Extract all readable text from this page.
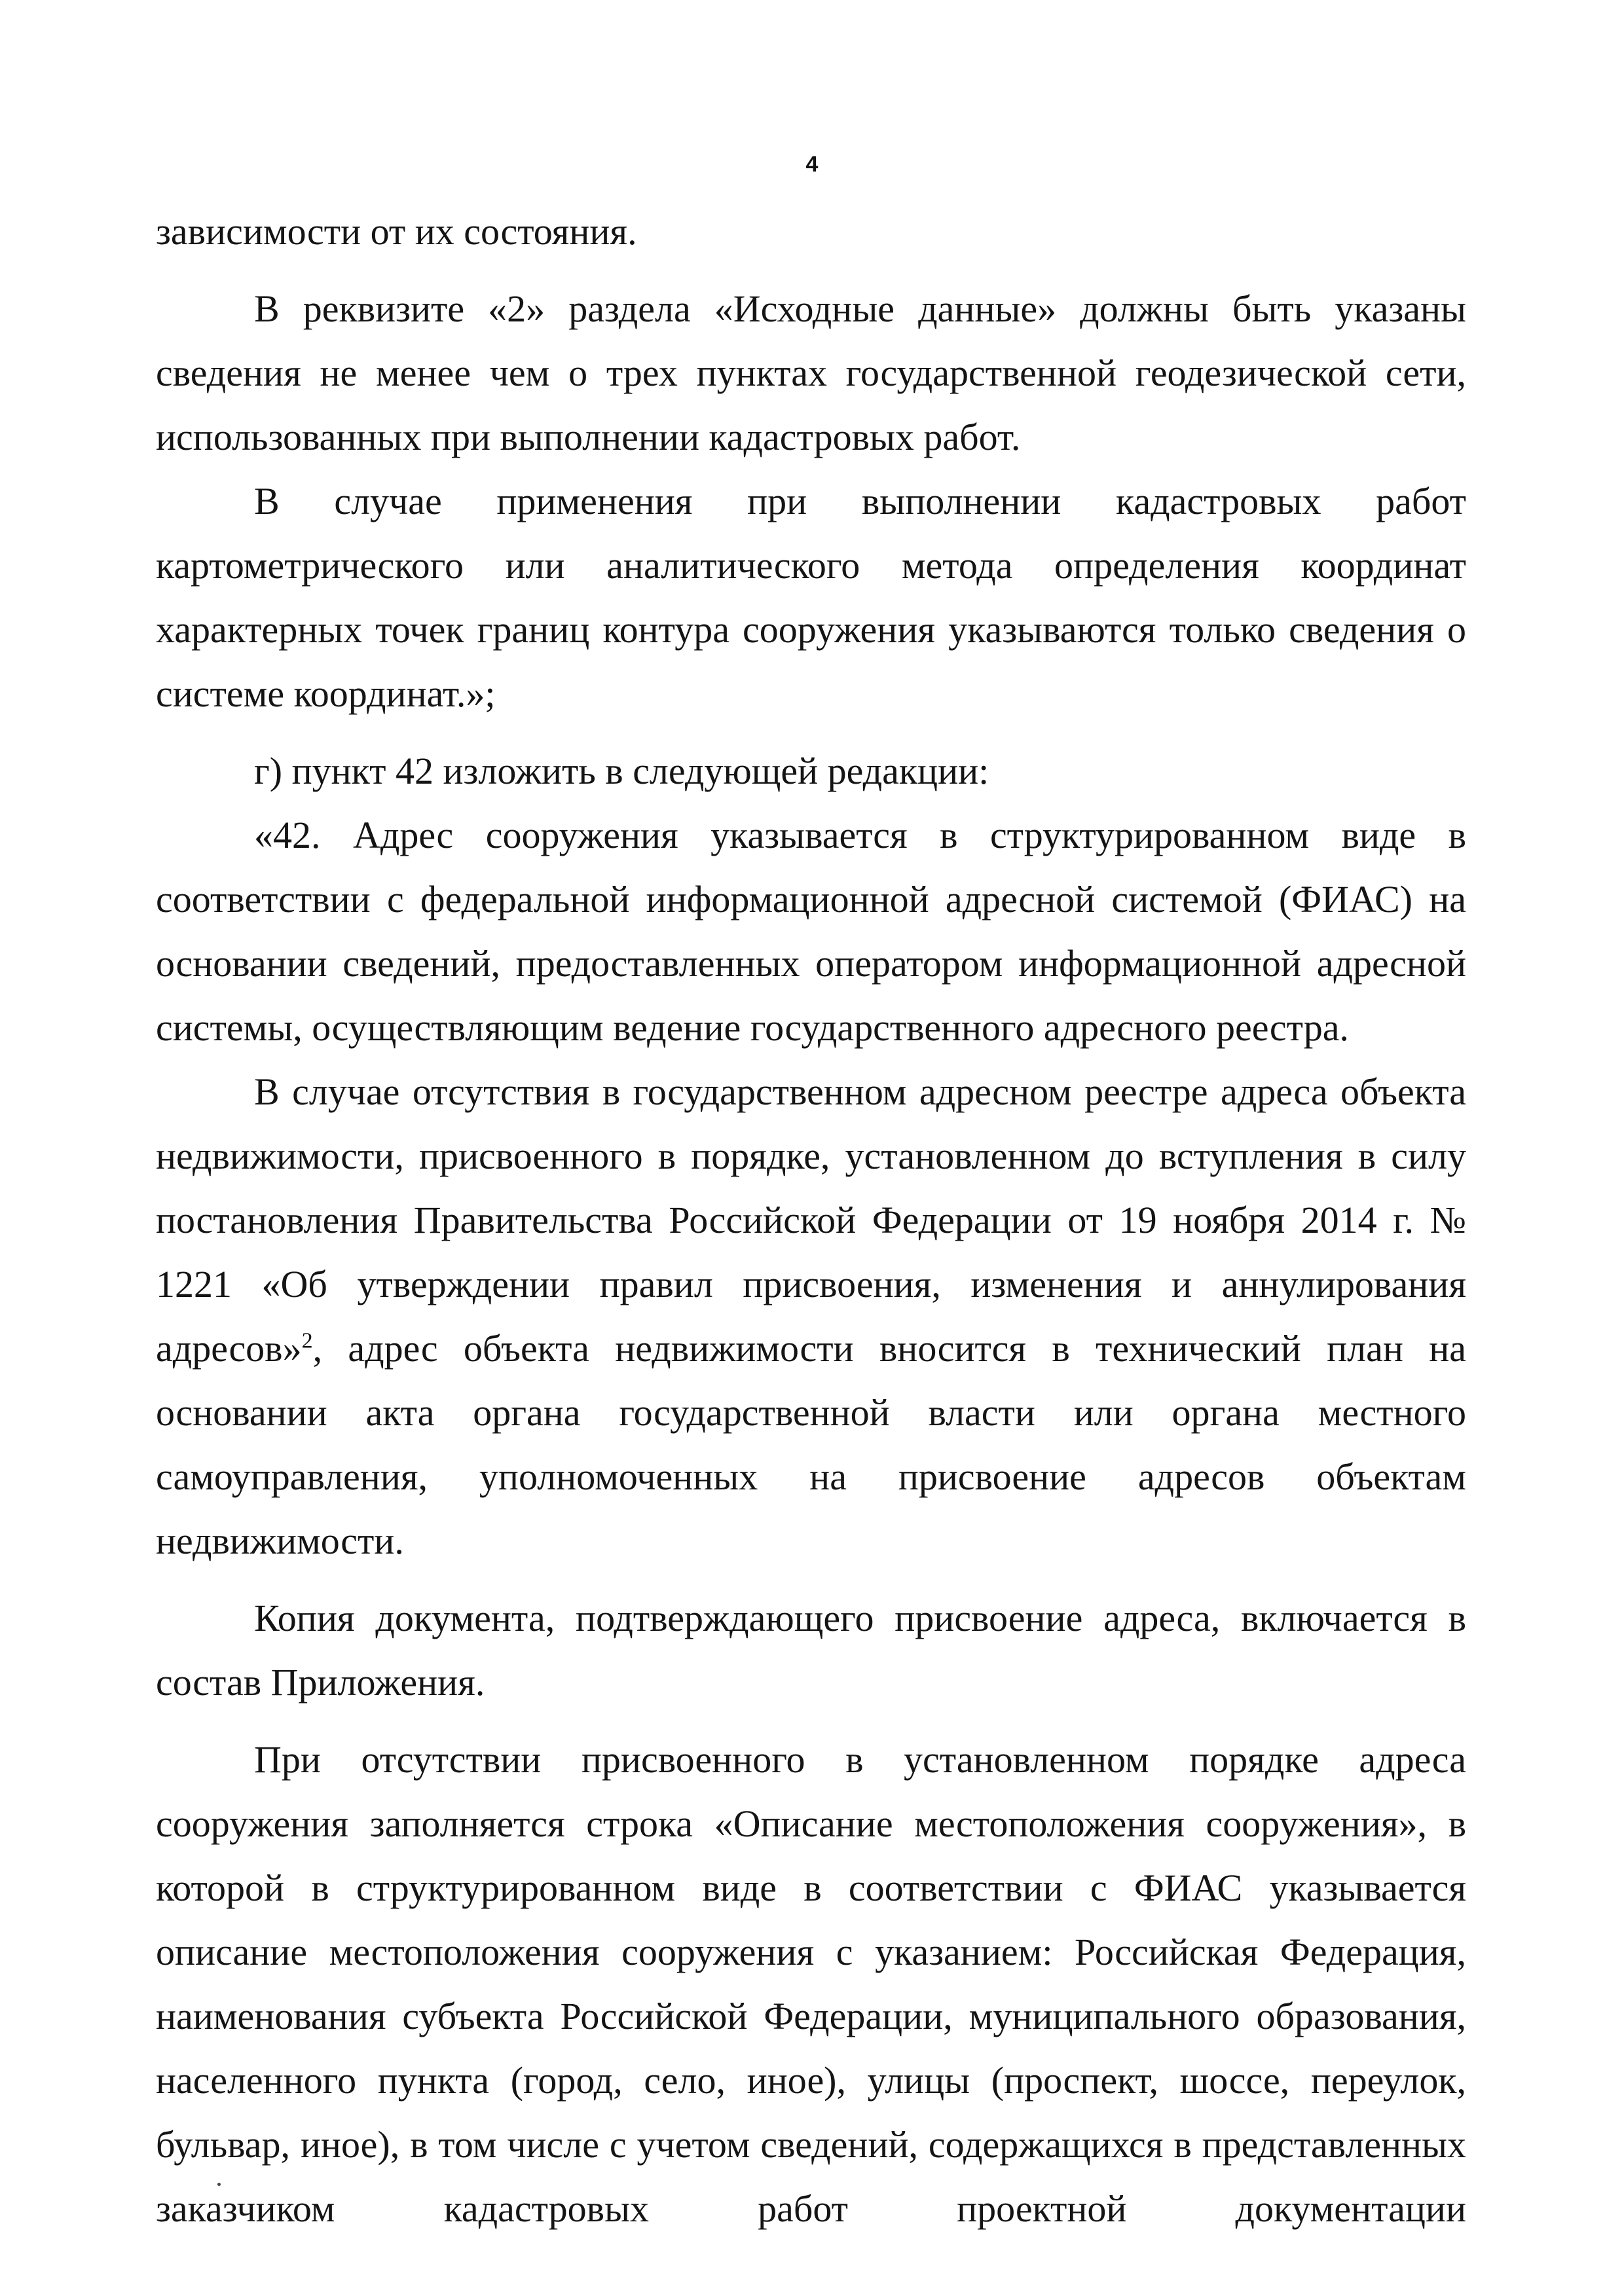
4

зависимости от их состояния.

В реквизите «2» раздела «Исходные данные» должны быть указаны сведения не менее чем о трех пунктах государственной геодезической сети, использованных при выполнении кадастровых работ.

В случае применения при выполнении кадастровых работ картометрического или аналитического метода определения координат характерных точек границ контура сооружения указываются только сведения о системе координат.»;

г) пункт 42 изложить в следующей редакции:

«42. Адрес сооружения указывается в структурированном виде в соответствии с федеральной информационной адресной системой (ФИАС) на основании сведений, предоставленных оператором информационной адресной системы, осуществляющим ведение государственного адресного реестра.

В случае отсутствия в государственном адресном реестре адреса объекта недвижимости, присвоенного в порядке, установленном до вступления в силу постановления Правительства Российской Федерации от 19 ноября 2014 г. № 1221 «Об утверждении правил присвоения, изменения и аннулирования адресов»$^2$, адрес объекта недвижимости вносится в технический план на основании акта органа государственной власти или органа местного самоуправления, уполномоченных на присвоение адресов объектам недвижимости.

Копия документа, подтверждающего присвоение адреса, включается в состав Приложения.

При отсутствии присвоенного в установленном порядке адреса сооружения заполняется строка «Описание местоположения сооружения», в которой в структурированном виде в соответствии с ФИАС указывается описание местоположения сооружения с указанием: Российская Федерация, наименования субъекта Российской Федерации, муниципального образования, населенного пункта (город, село, иное), улицы (проспект, шоссе, переулок, бульвар, иное), в том числе с учетом сведений, содержащихся в представленных заказчиком кадастровых работ проектной документации
